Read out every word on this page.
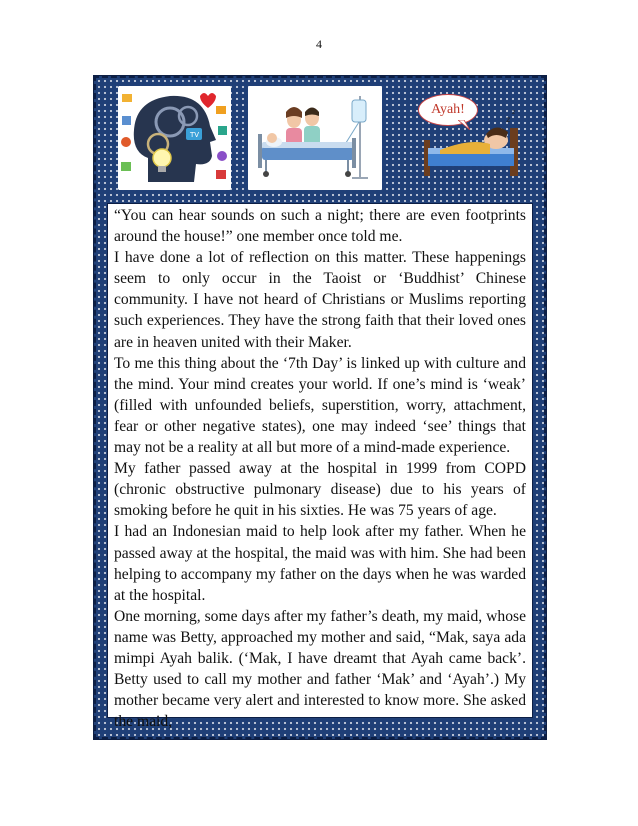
4
TV
Ayah!
z
z

“You can hear sounds on such a night; there are even footprints around the house!” one member once told me.

I have done a lot of reflection on this matter. These happenings seem to only occur in the Taoist or ‘Buddhist’ Chinese community. I have not heard of Christians or Muslims reporting such experiences. They have the strong faith that their loved ones are in heaven united with their Maker.

To me this thing about the ‘7th Day’ is linked up with culture and the mind. Your mind creates your world. If one’s mind is ‘weak’ (filled with unfounded beliefs, superstition, worry, attachment, fear or other negative states), one may indeed ‘see’ things that may not be a reality at all but more of a mind-made experience.

My father passed away at the hospital in 1999 from COPD (chronic obstructive pulmonary disease) due to his years of smoking before he quit in his sixties. He was 75 years of age.

I had an Indonesian maid to help look after my father. When he passed away at the hospital, the maid was with him. She had been helping to accompany my father on the days when he was warded at the hospital.

One morning, some days after my father’s death, my maid, whose name was Betty, approached my mother and said, “Mak, saya ada mimpi Ayah balik. (‘Mak, I have dreamt that Ayah came back’. Betty used to call my mother and father ‘Mak’ and ‘Ayah’.) My mother became very alert and interested to know more. She asked the maid,
